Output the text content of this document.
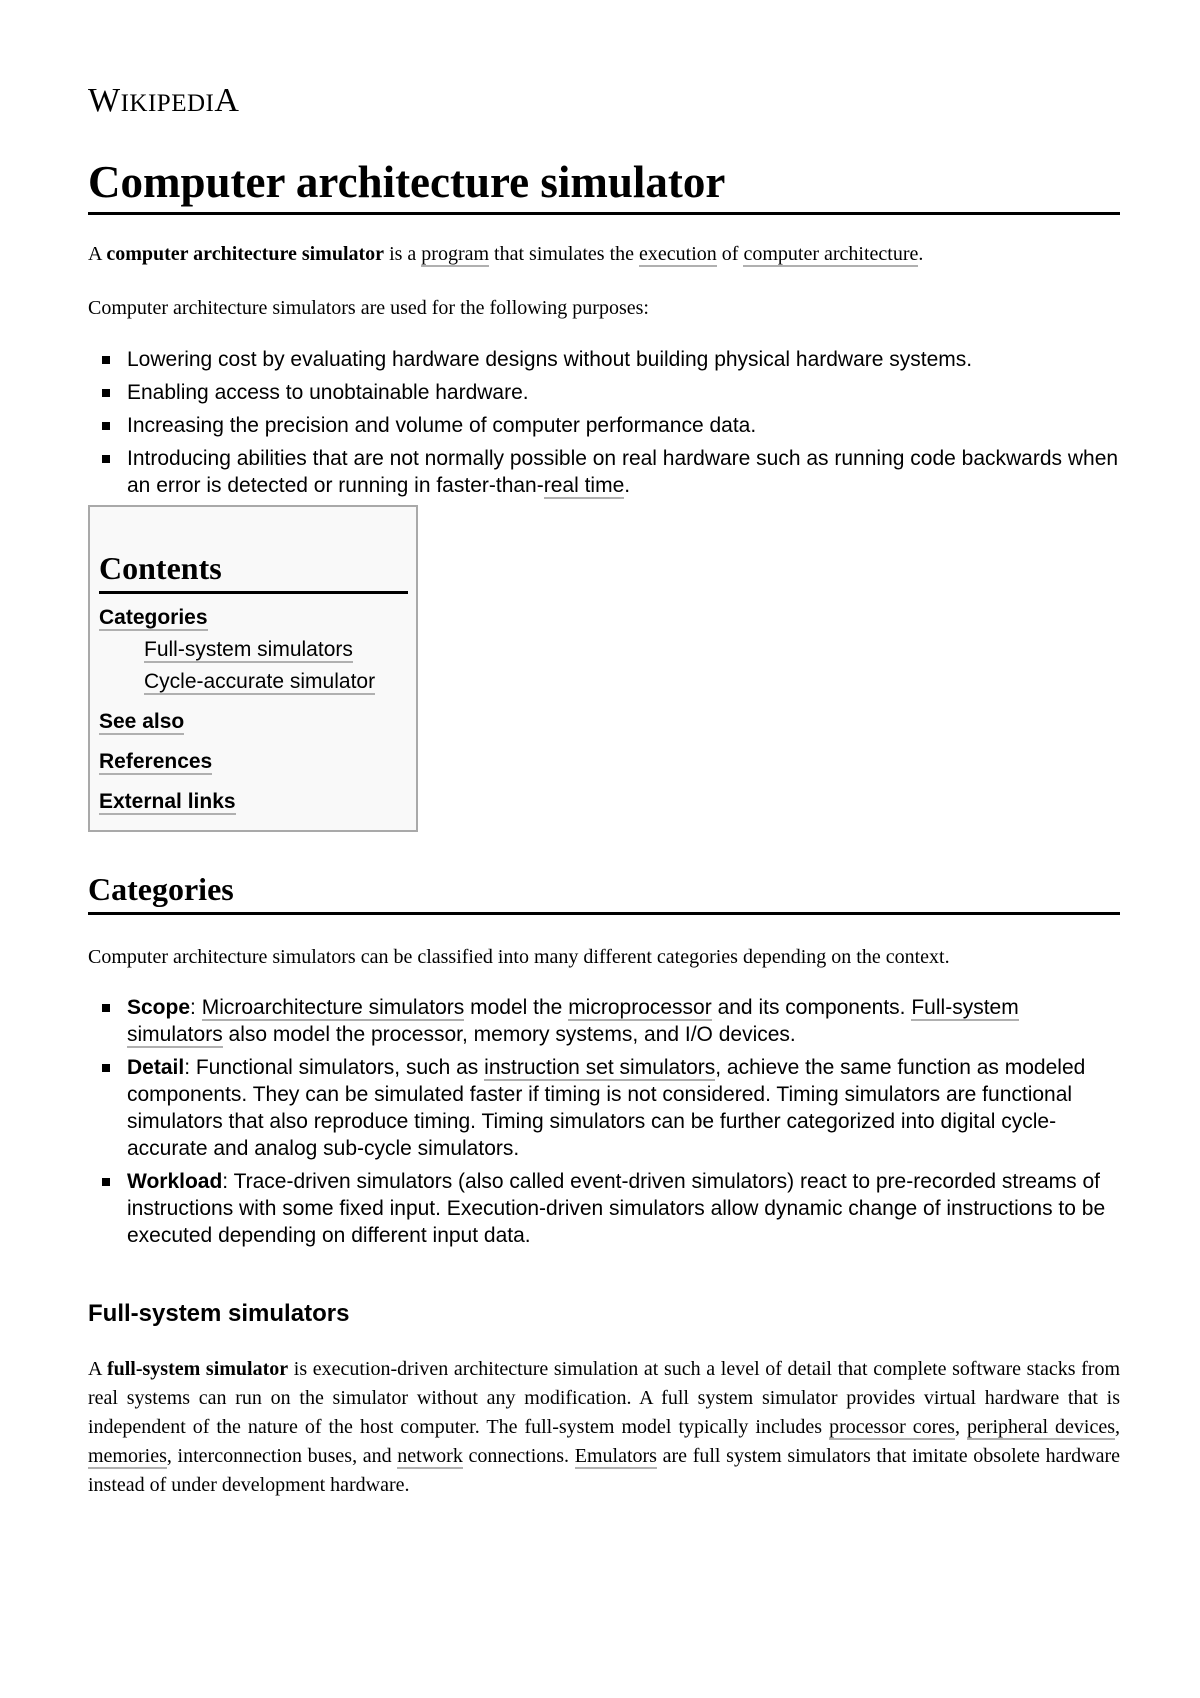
WIKIPEDIA
Computer architecture simulator

A computer architecture simulator is a program that simulates the execution of computer architecture.

Computer architecture simulators are used for the following purposes:

Lowering cost by evaluating hardware designs without building physical hardware systems.
Enabling access to unobtainable hardware.
Increasing the precision and volume of computer performance data.
Introducing abilities that are not normally possible on real hardware such as running code backwards when an error is detected or running in faster-than-real time.
Contents
Categories
Full-system simulators
Cycle-accurate simulator
See also
References
External links
Categories

Computer architecture simulators can be classified into many different categories depending on the context.

Scope: Microarchitecture simulators model the microprocessor and its components. Full-system simulators also model the processor, memory systems, and I/O devices.
Detail: Functional simulators, such as instruction set simulators, achieve the same function as modeled components. They can be simulated faster if timing is not considered. Timing simulators are functional simulators that also reproduce timing. Timing simulators can be further categorized into digital cycle-accurate and analog sub-cycle simulators.
Workload: Trace-driven simulators (also called event-driven simulators) react to pre-recorded streams of instructions with some fixed input. Execution-driven simulators allow dynamic change of instructions to be executed depending on different input data.
Full-system simulators

A full-system simulator is execution-driven architecture simulation at such a level of detail that complete software stacks from real systems can run on the simulator without any modification. A full system simulator provides virtual hardware that is independent of the nature of the host computer. The full-system model typically includes processor cores, peripheral devices, memories, interconnection buses, and network connections. Emulators are full system simulators that imitate obsolete hardware instead of under development hardware.
